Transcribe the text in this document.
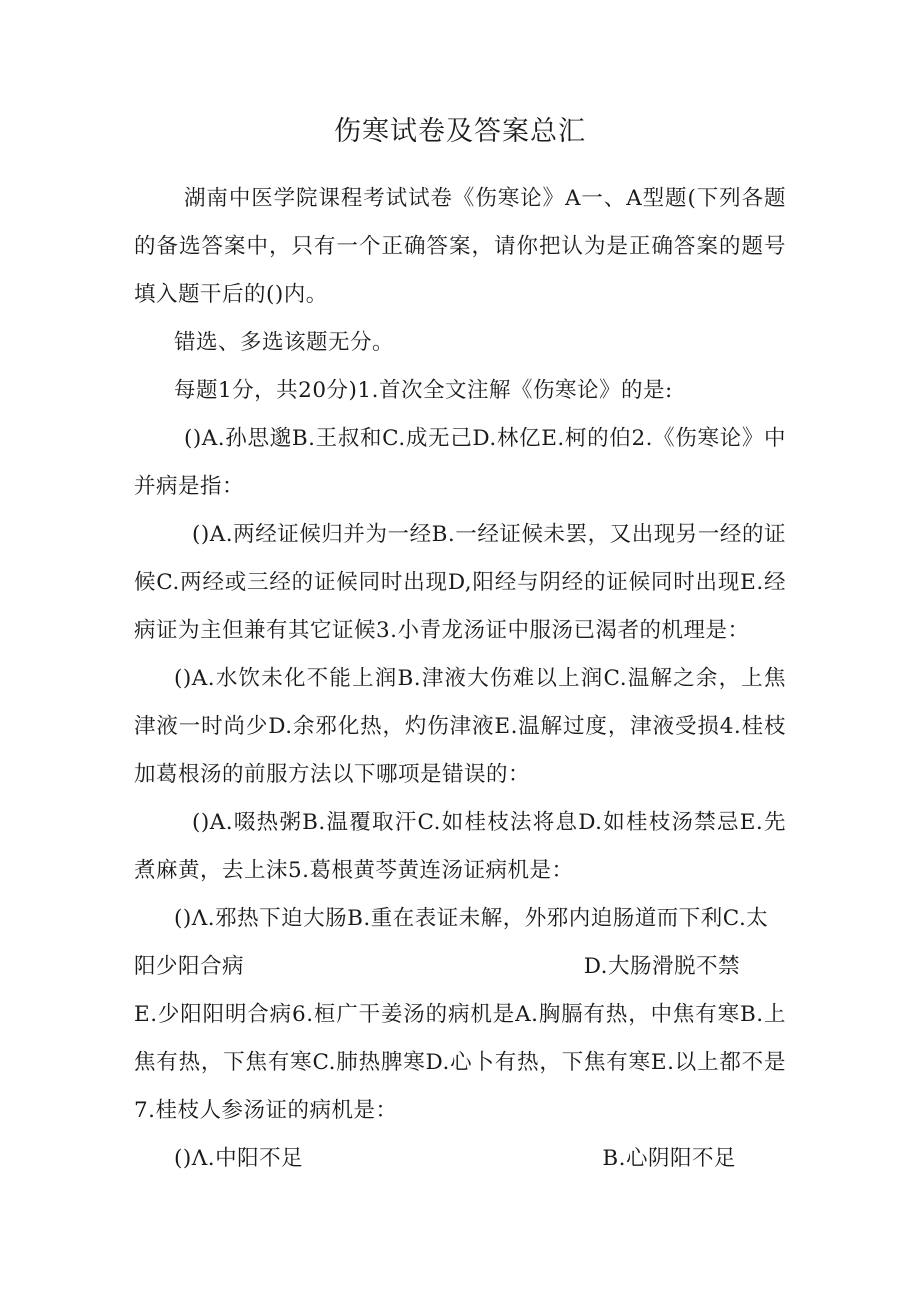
伤寒试卷及答案总汇

湖南中医学院课程考试试卷《伤寒论》A一、A型题(下列各题的备选答案中，只有一个正确答案，请你把认为是正确答案的题号填入题干后的()内。

错选、多选该题无分。

每题1分，共20分)1.首次全文注解《伤寒论》的是:

()A.孙思邈B.王叔和C.成无己D.林亿E.柯的伯2.《伤寒论》中并病是指：

()A.两经证候归并为一经B.一经证候未罢，又出现另一经的证候C.两经或三经的证候同时出现D,阳经与阴经的证候同时出现E.经病证为主但兼有其它证候3.小青龙汤证中服汤已渴者的机理是：

()A.水饮未化不能上润B.津液大伤难以上润C.温解之余，上焦津液一时尚少D.余邪化热，灼伤津液E.温解过度，津液受损4.桂枝加葛根汤的前服方法以下哪项是错误的：

()A.啜热粥B.温覆取汗C.如桂枝法将息D.如桂枝汤禁忌E.先煮麻黄，去上沫5.葛根黄芩黄连汤证病机是：

()Λ.邪热下迫大肠B.重在表证未解，外邪内迫肠道而下利C.太

阳少阳合病	D.大肠滑脱不禁

E.少阳阳明合病6.桓广干姜汤的病机是A.胸膈有热，中焦有寒B.上焦有热，下焦有寒C.肺热脾寒D.心卜有热，下焦有寒E.以上都不是7.桂枝人参汤证的病机是：

()Λ.中阳不足	B.心阴阳不足
